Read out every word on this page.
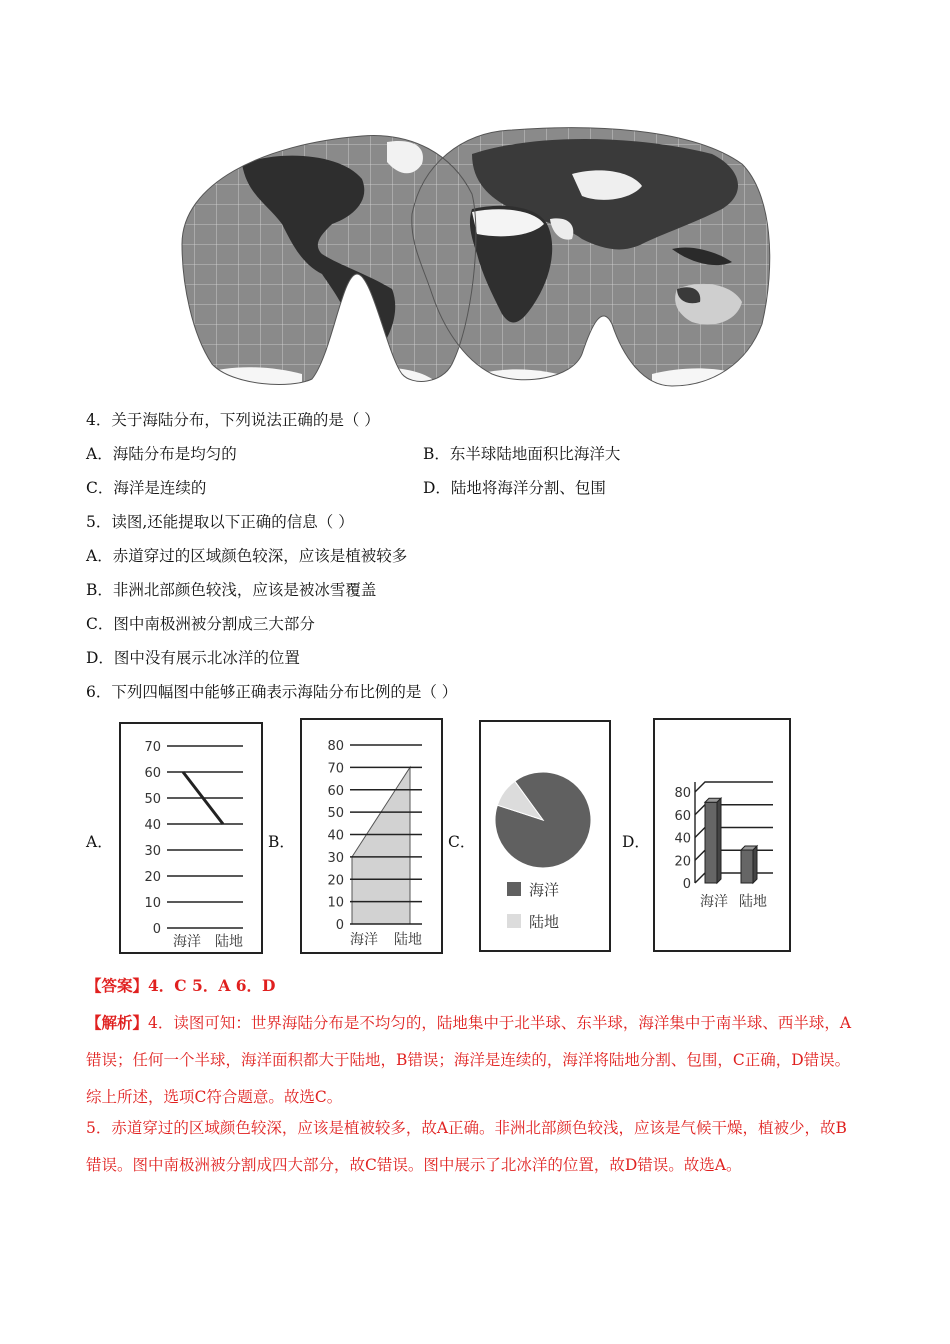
4．关于海陆分布，下列说法正确的是（ ）
A．海陆分布是均匀的	B．东半球陆地面积比海洋大
C．海洋是连续的	D．陆地将海洋分割、包围
5．读图,还能提取以下正确的信息（ ）
A．赤道穿过的区域颜色较深，应该是植被较多
B．非洲北部颜色较浅，应该是被冰雪覆盖
C．图中南极洲被分割成三大部分
D．图中没有展示北冰洋的位置
6．下列四幅图中能够正确表示海陆分布比例的是（ ）
A．	B．	C．	D．
70
60
50
40
30
20
10
0
海洋 陆地
80
70
60
50
40
30
20
10
0
海洋 陆地
海洋
陆地
80
60
40
20
0
海洋 陆地
【答案】4．C 5．A 6．D
【解析】4．读图可知：世界海陆分布是不均匀的，陆地集中于北半球、东半球，海洋集中于南半球、西半球，A错误；任何一个半球，海洋面积都大于陆地，B错误；海洋是连续的，海洋将陆地分割、包围，C正确，D错误。综上所述，选项C符合题意。故选C。
5．赤道穿过的区域颜色较深，应该是植被较多，故A正确。非洲北部颜色较浅，应该是气候干燥，植被少，故B错误。图中南极洲被分割成四大部分，故C错误。图中展示了北冰洋的位置，故D错误。故选A。
